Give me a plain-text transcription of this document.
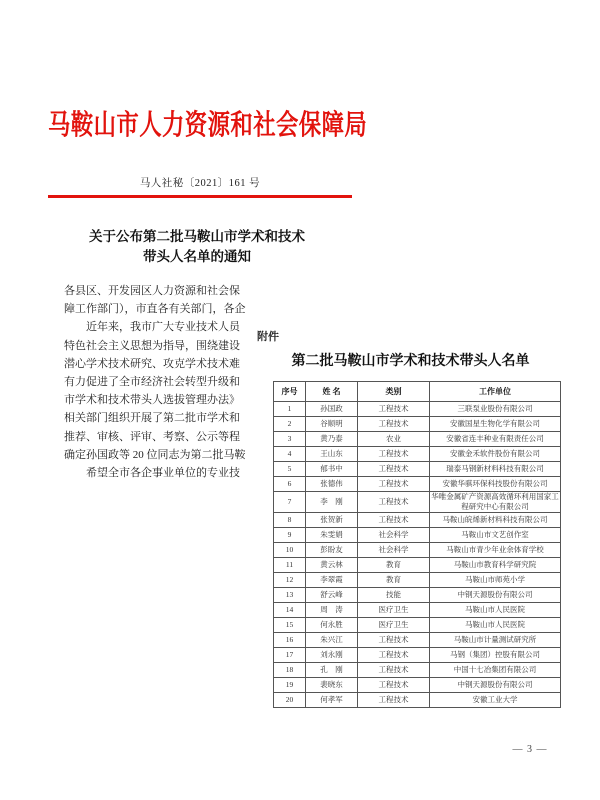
马鞍山市人力资源和社会保障局
马人社秘〔2021〕161 号
关于公布第二批马鞍山市学术和技术
带头人名单的通知
各县区、开发园区人力资源和社会保
障工作部门），市直各有关部门，各企
　　近年来，我市广大专业技术人员
特色社会主义思想为指导，围绕建设
潜心学术技术研究、攻克学术技术难
有力促进了全市经济社会转型升级和
市学术和技术带头人选拔管理办法》
相关部门组织开展了第二批市学术和
推荐、审核、评审、考察、公示等程
确定孙国政等 20 位同志为第二批马鞍
　　希望全市各企事业单位的专业技
附件
第二批马鞍山市学术和技术带头人名单
序号	姓 名	类别	工作单位
1	孙国政	工程技术	三联泵业股份有限公司
2	谷顺明	工程技术	安徽国星生物化学有限公司
3	黄乃泰	农业	安徽省连丰种业有限责任公司
4	王山东	工程技术	安徽金禾软件股份有限公司
5	郁书中	工程技术	瑞泰马钢新材料科技有限公司
6	张德伟	工程技术	安徽华骐环保科技股份有限公司
7	李　刚	工程技术	华唯金属矿产资源高效循环利用国家工程研究中心有限公司
8	张贺新	工程技术	马鞍山皖烯新材料科技有限公司
9	朱雯娟	社会科学	马鞍山市文艺创作室
10	彭盼友	社会科学	马鞍山市青少年业余体育学校
11	黄云林	教育	马鞍山市教育科学研究院
12	李翠霞	教育	马鞍山市师苑小学
13	舒云峰	技能	中钢天源股份有限公司
14	周　涛	医疗卫生	马鞍山市人民医院
15	何永胜	医疗卫生	马鞍山市人民医院
16	朱兴江	工程技术	马鞍山市计量测试研究所
17	刘永刚	工程技术	马钢（集团）控股有限公司
18	孔　刚	工程技术	中国十七冶集团有限公司
19	裴晓东	工程技术	中钢天源股份有限公司
20	何孝军	工程技术	安徽工业大学
— 3 —
